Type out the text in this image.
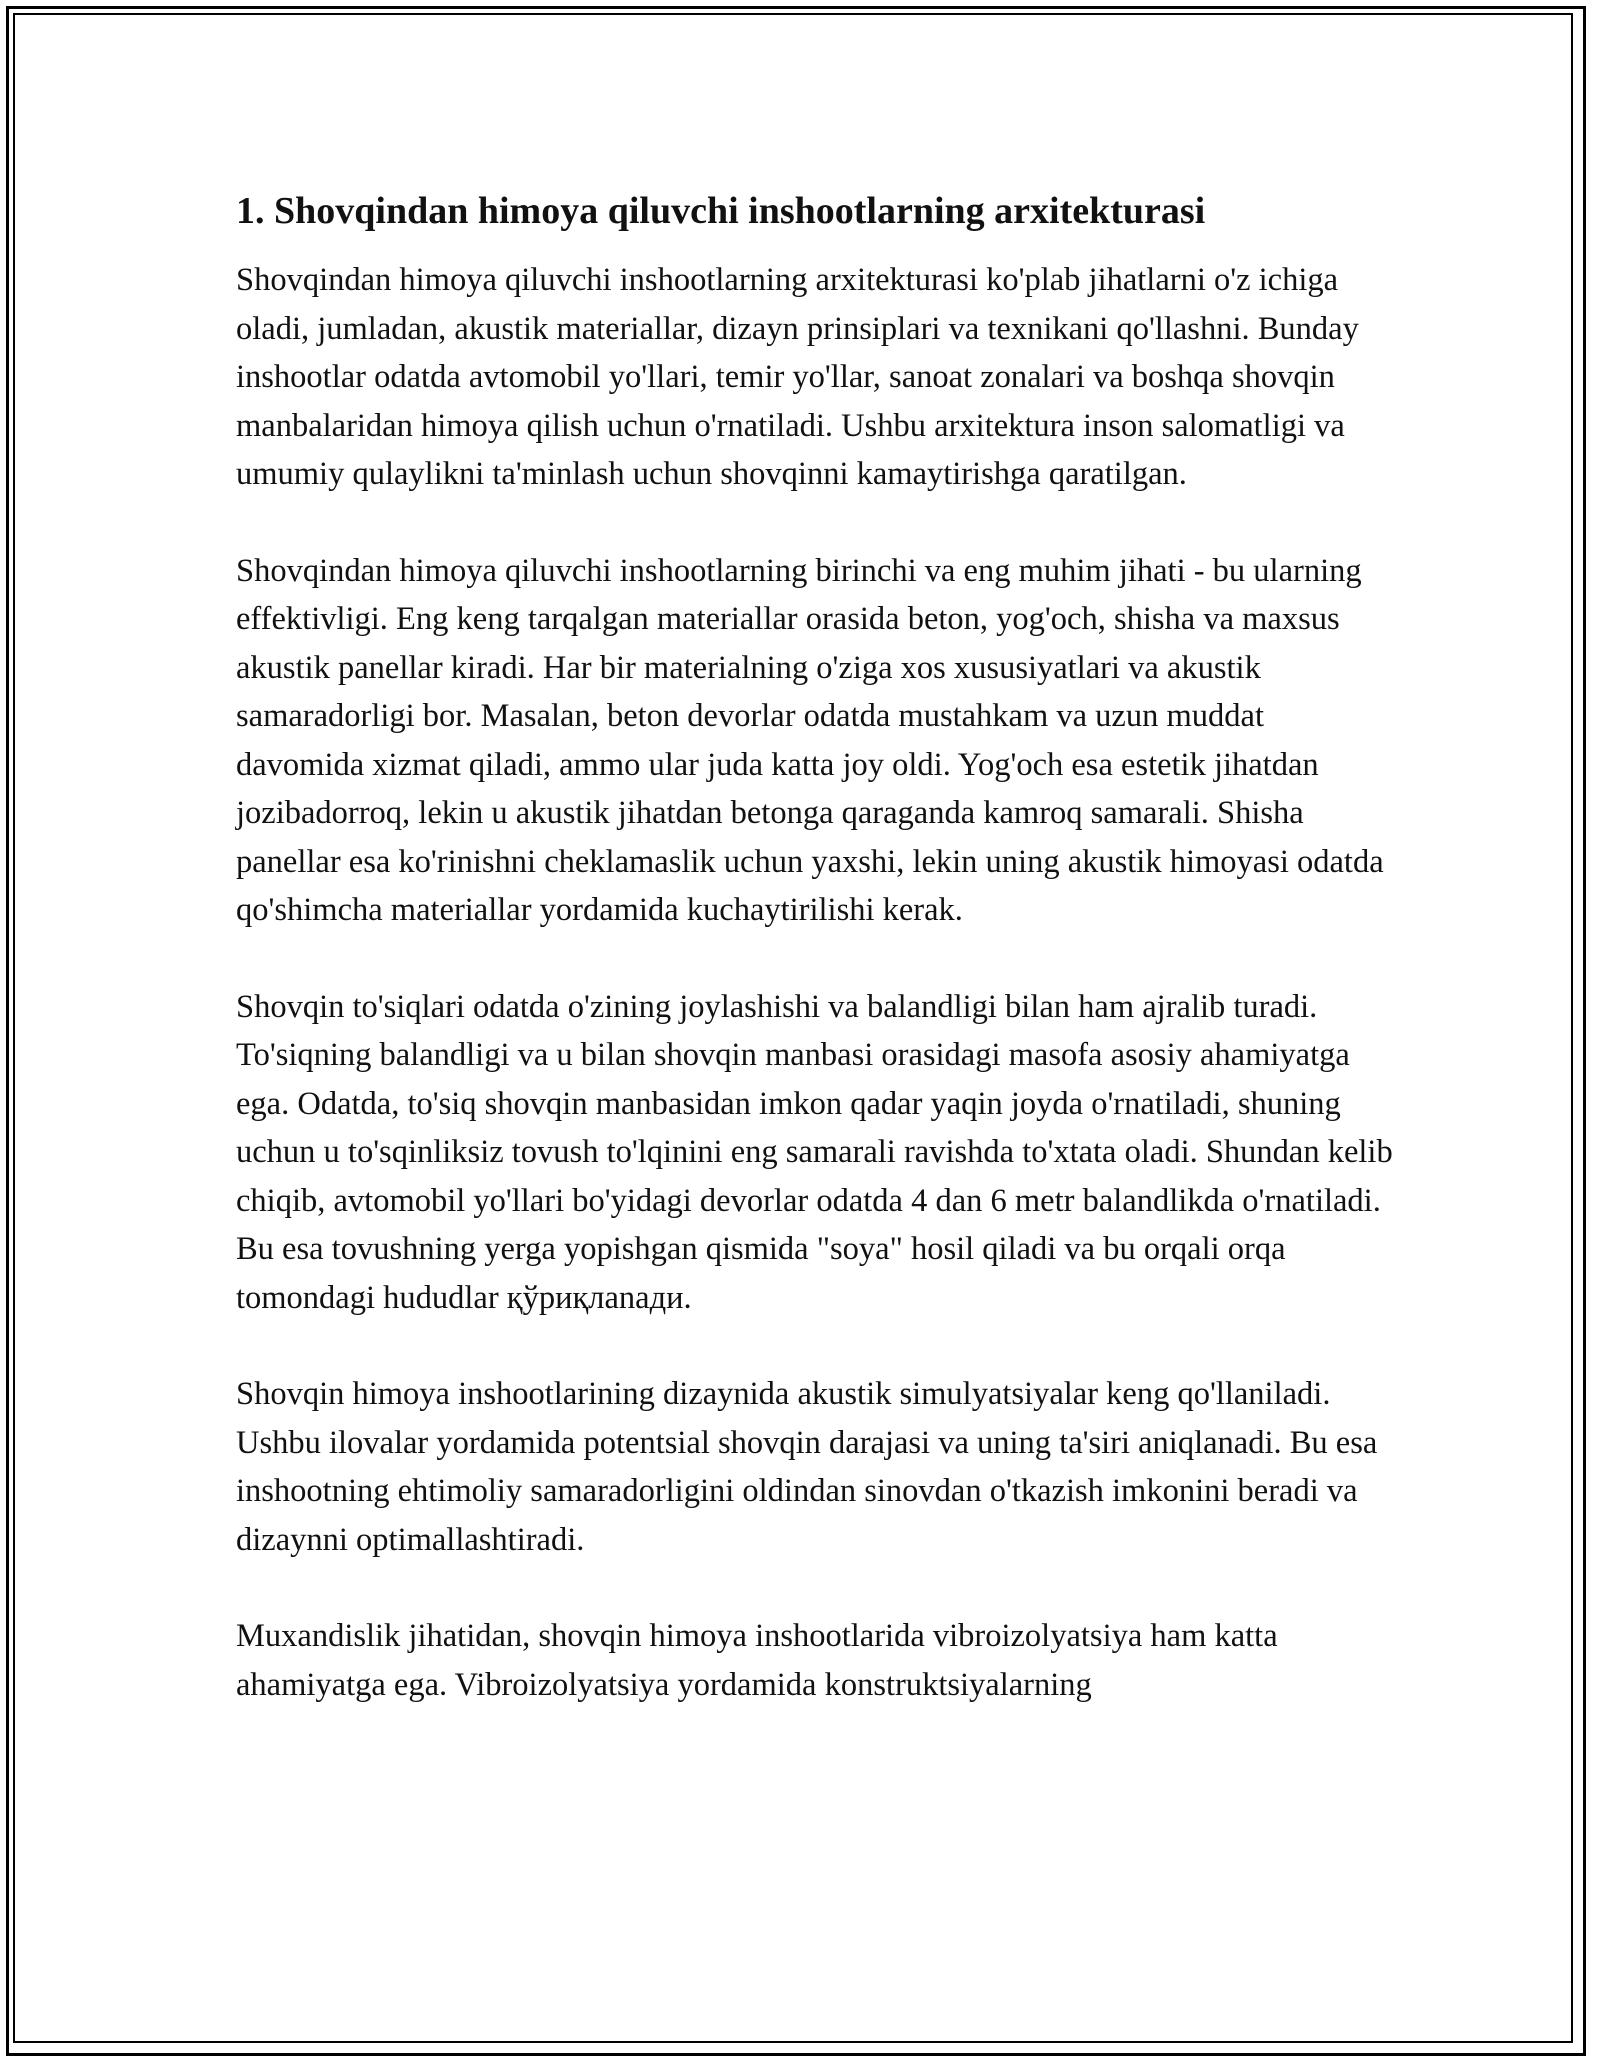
1. Shovqindan himoya qiluvchi inshootlarning arxitekturasi

Shovqindan himoya qiluvchi inshootlarning arxitekturasi ko'plab jihatlarni o'z ichiga oladi, jumladan, akustik materiallar, dizayn prinsiplari va texnikani qo'llashni. Bunday inshootlar odatda avtomobil yo'llari, temir yo'llar, sanoat zonalari va boshqa shovqin manbalaridan himoya qilish uchun o'rnatiladi. Ushbu arxitektura inson salomatligi va umumiy qulaylikni ta'minlash uchun shovqinni kamaytirishga qaratilgan.

Shovqindan himoya qiluvchi inshootlarning birinchi va eng muhim jihati - bu ularning effektivligi. Eng keng tarqalgan materiallar orasida beton, yog'och, shisha va maxsus akustik panellar kiradi. Har bir materialning o'ziga xos xususiyatlari va akustik samaradorligi bor. Masalan, beton devorlar odatda mustahkam va uzun muddat davomida xizmat qiladi, ammo ular juda katta joy oldi. Yog'och esa estetik jihatdan jozibadorroq, lekin u akustik jihatdan betonga qaraganda kamroq samarali. Shisha panellar esa ko'rinishni cheklamaslik uchun yaxshi, lekin uning akustik himoyasi odatda qo'shimcha materiallar yordamida kuchaytirilishi kerak.

Shovqin to'siqlari odatda o'zining joylashishi va balandligi bilan ham ajralib turadi. To'siqning balandligi va u bilan shovqin manbasi orasidagi masofa asosiy ahamiyatga ega. Odatda, to'siq shovqin manbasidan imkon qadar yaqin joyda o'rnatiladi, shuning uchun u to'sqinliksiz tovush to'lqinini eng samarali ravishda to'xtata oladi. Shundan kelib chiqib, avtomobil yo'llari bo'yidagi devorlar odatda 4 dan 6 metr balandlikda o'rnatiladi. Bu esa tovushning yerga yopishgan qismida "soya" hosil qiladi va bu orqali orqa tomondagi hududlar қўриқлanади.

Shovqin himoya inshootlarining dizaynida akustik simulyatsiyalar keng qo'llaniladi. Ushbu ilovalar yordamida potentsial shovqin darajasi va uning ta'siri aniqlanadi. Bu esa inshootning ehtimoliy samaradorligini oldindan sinovdan o'tkazish imkonini beradi va dizaynni optimallashtiradi.

Muxandislik jihatidan, shovqin himoya inshootlarida vibroizolyatsiya ham katta ahamiyatga ega. Vibroizolyatsiya yordamida konstruktsiyalarning
